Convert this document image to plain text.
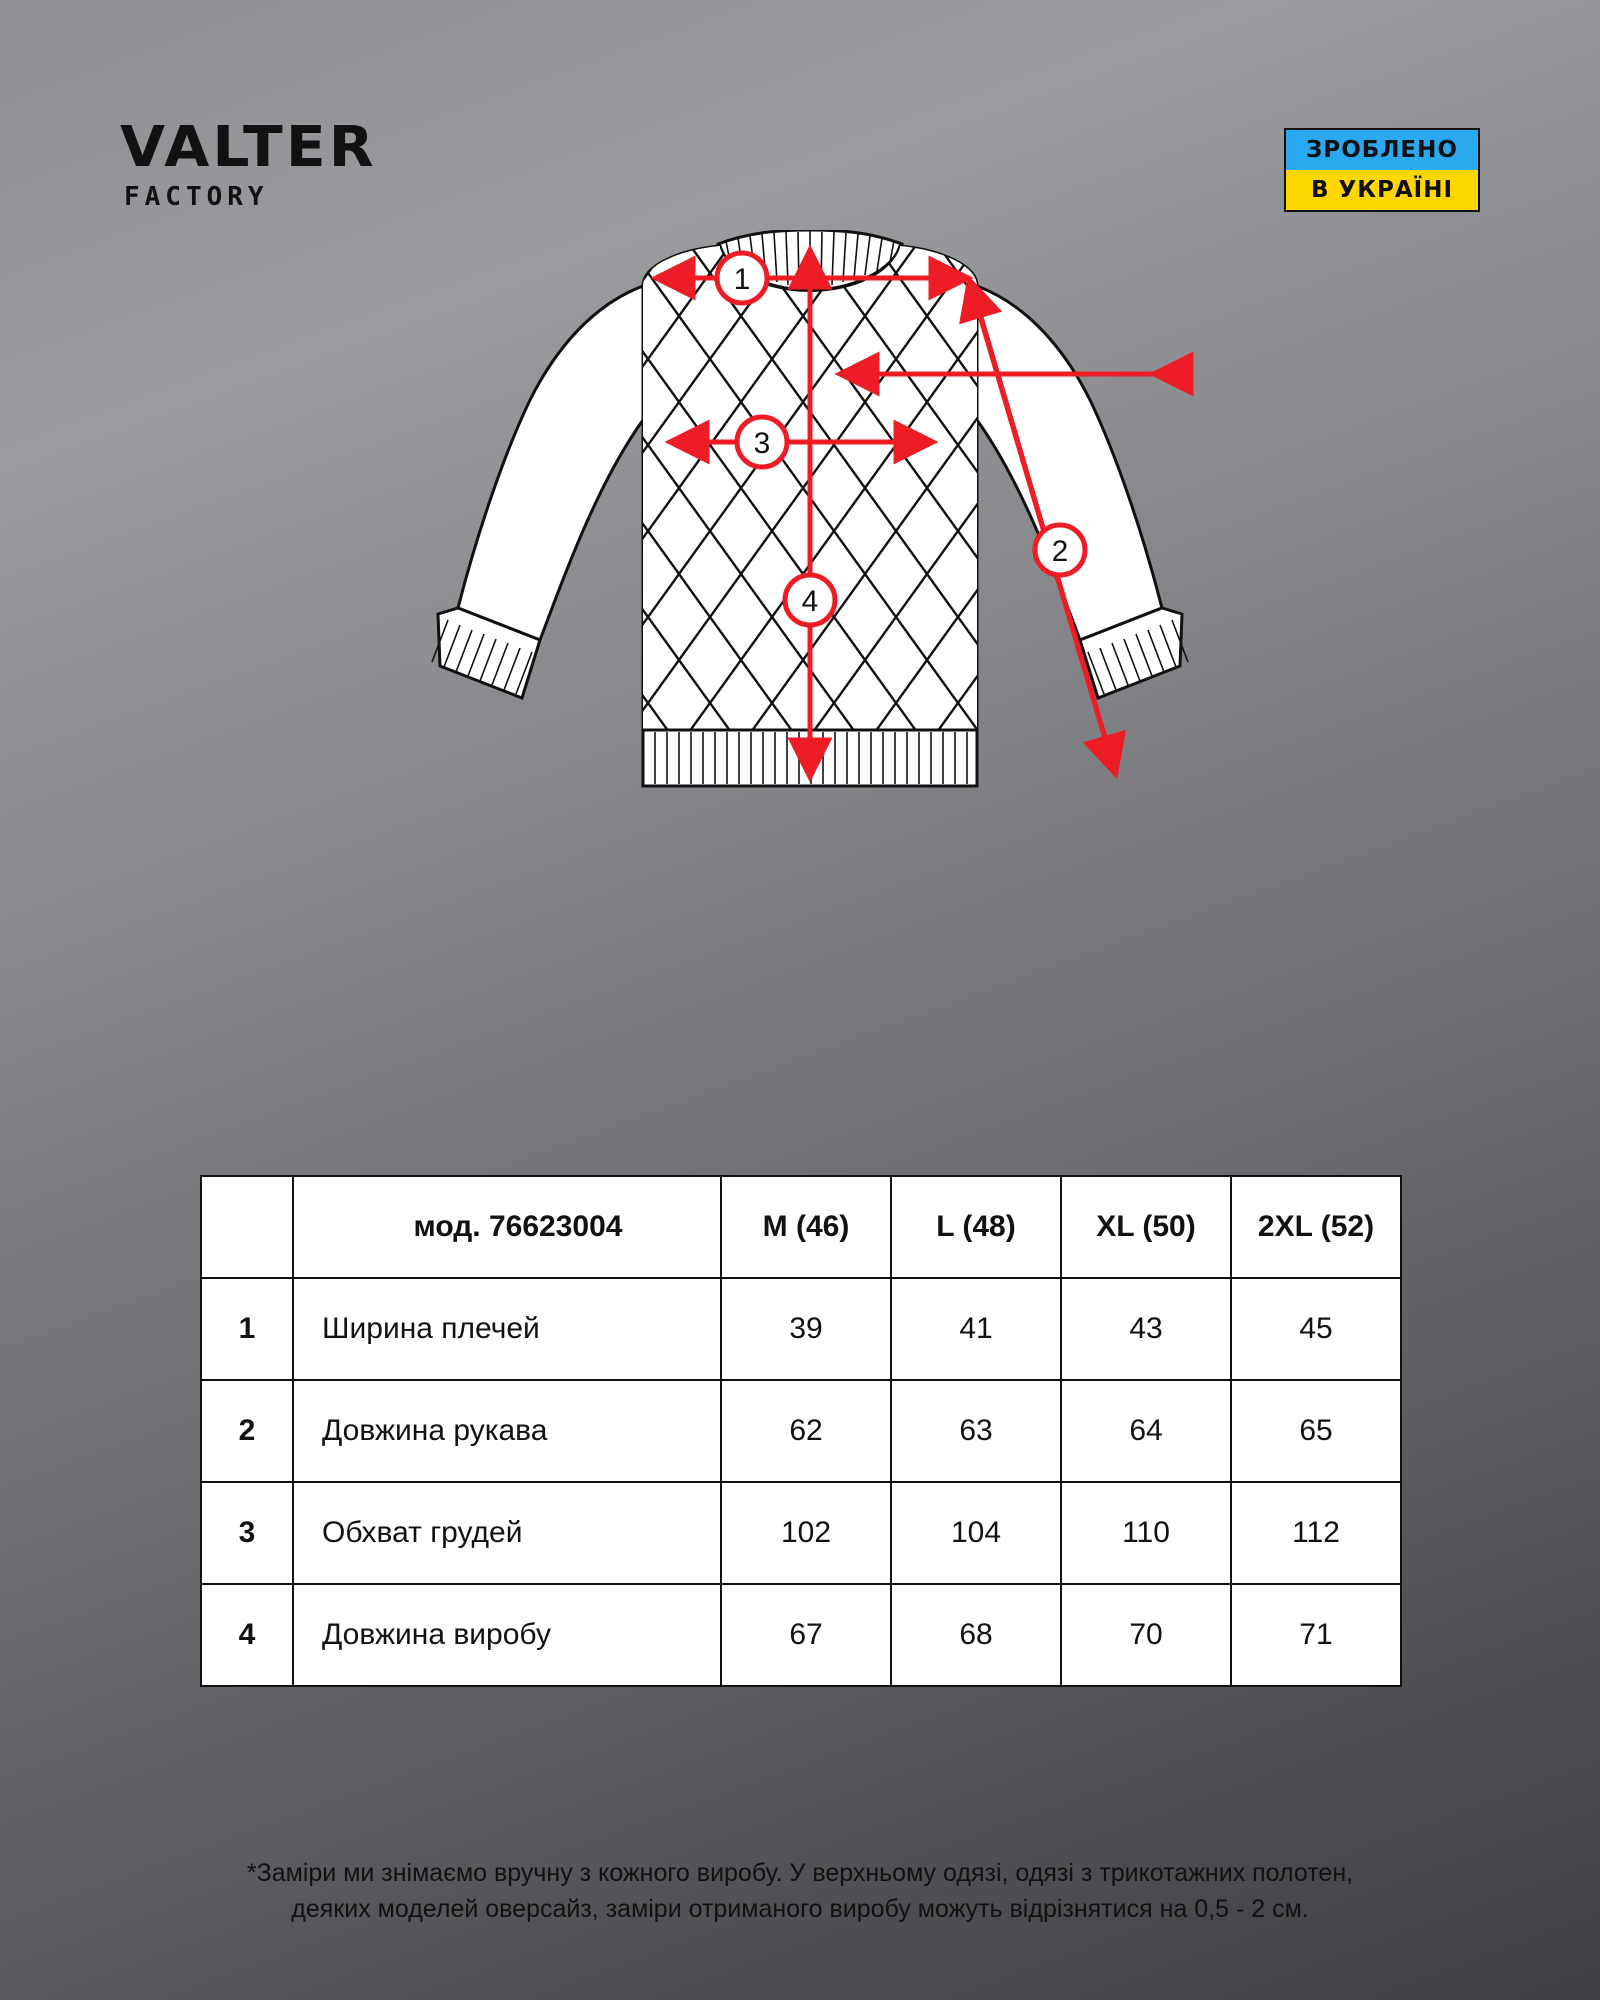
VALTER
FACTORY
ЗРОБЛЕНО
В УКРАЇНІ
1
3
4
2
	мод. 76623004	M (46)	L (48)	XL (50)	2XL (52)
1	Ширина плечей	39	41	43	45
2	Довжина рукава	62	63	64	65
3	Обхват грудей	102	104	110	112
4	Довжина виробу	67	68	70	71
*Заміри ми знімаємо вручну з кожного виробу. У верхньому одязі, одязі з трикотажних полотен,
деяких моделей оверсайз, заміри отриманого виробу можуть відрізнятися на 0,5 - 2 см.
